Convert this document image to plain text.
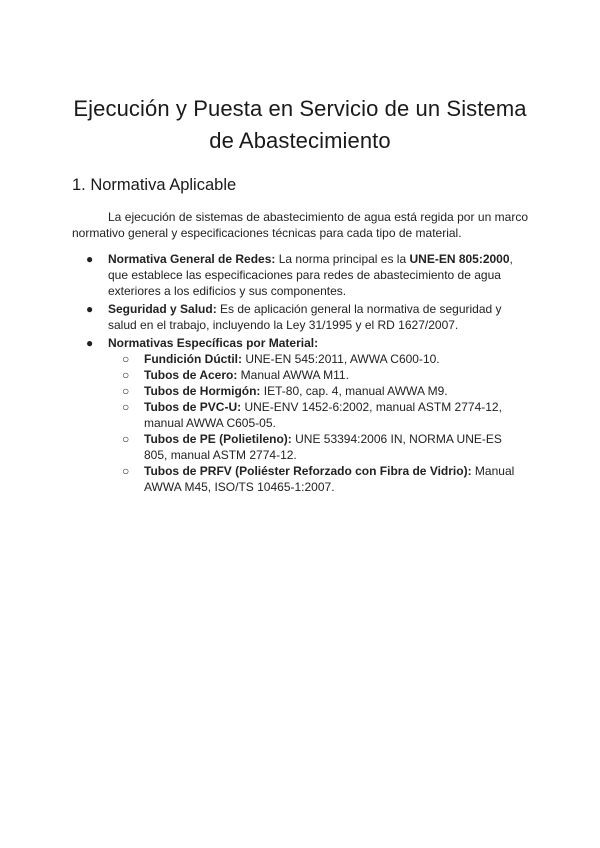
Ejecución y Puesta en Servicio de un Sistema de Abastecimiento
1. Normativa Aplicable

La ejecución de sistemas de abastecimiento de agua está regida por un marco normativo general y especificaciones técnicas para cada tipo de material.

● Normativa General de Redes: La norma principal es la UNE-EN 805:2000, que establece las especificaciones para redes de abastecimiento de agua exteriores a los edificios y sus componentes.
● Seguridad y Salud: Es de aplicación general la normativa de seguridad y salud en el trabajo, incluyendo la Ley 31/1995 y el RD 1627/2007.
● Normativas Específicas por Material:
○ Fundición Dúctil: UNE-EN 545:2011, AWWA C600-10.
○ Tubos de Acero: Manual AWWA M11.
○ Tubos de Hormigón: IET-80, cap. 4, manual AWWA M9.
○ Tubos de PVC-U: UNE-ENV 1452-6:2002, manual ASTM 2774-12, manual AWWA C605-05.
○ Tubos de PE (Polietileno): UNE 53394:2006 IN, NORMA UNE-ES 805, manual ASTM 2774-12.
○ Tubos de PRFV (Poliéster Reforzado con Fibra de Vidrio): Manual AWWA M45, ISO/TS 10465-1:2007.
